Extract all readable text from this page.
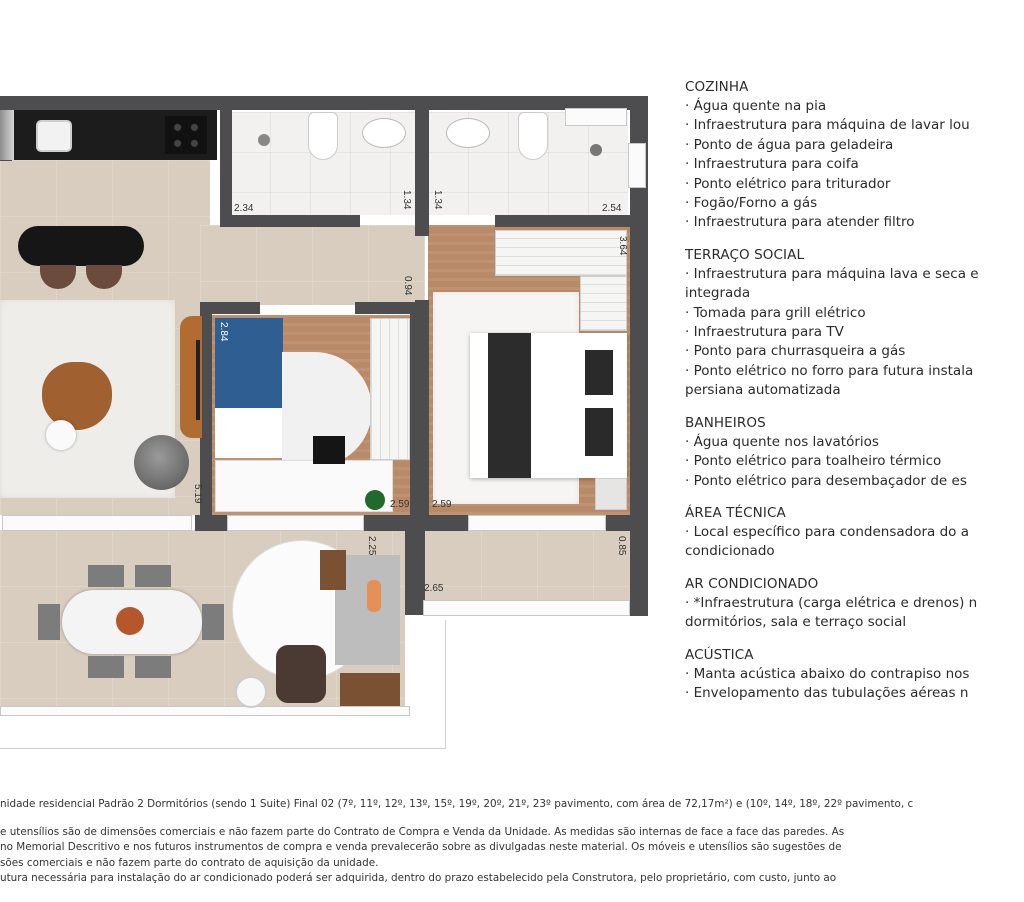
2.34	1.34 1.34	2.54
0.94
3.64
2.84
2.59 2.59
5.19
2.25	0.85
2.65
COZINHA
· Água quente na pia
· Infraestrutura para máquina de lavar lou
· Ponto de água para geladeira
· Infraestrutura para coifa
· Ponto elétrico para triturador
· Fogão/Forno a gás
· Infraestrutura para atender filtro
TERRAÇO SOCIAL
· Infraestrutura para máquina lava e seca e
integrada
· Tomada para grill elétrico
· Infraestrutura para TV
· Ponto para churrasqueira a gás
· Ponto elétrico no forro para futura instala
persiana automatizada
BANHEIROS
· Água quente nos lavatórios
· Ponto elétrico para toalheiro térmico
· Ponto elétrico para desembaçador de es
ÁREA TÉCNICA
· Local específico para condensadora do a
condicionado
AR CONDICIONADO
· *Infraestrutura (carga elétrica e drenos) n
dormitórios, sala e terraço social
ACÚSTICA
· Manta acústica abaixo do contrapiso nos
· Envelopamento das tubulações aéreas n
nidade residencial Padrão 2 Dormitórios (sendo 1 Suite) Final 02 (7º, 11º, 12º, 13º, 15º, 19º, 20º, 21º, 23º pavimento, com área de 72,17m²) e (10º, 14º, 18º, 22º pavimento, c
e utensílios são de dimensões comerciais e não fazem parte do Contrato de Compra e Venda da Unidade. As medidas são internas de face a face das paredes. As
no Memorial Descritivo e nos futuros instrumentos de compra e venda prevalecerão sobre as divulgadas neste material. Os móveis e utensílios são sugestões de
sões comerciais e não fazem parte do contrato de aquisição da unidade.
utura necessária para instalação do ar condicionado poderá ser adquirida, dentro do prazo estabelecido pela Construtora, pelo proprietário, com custo, junto ao
